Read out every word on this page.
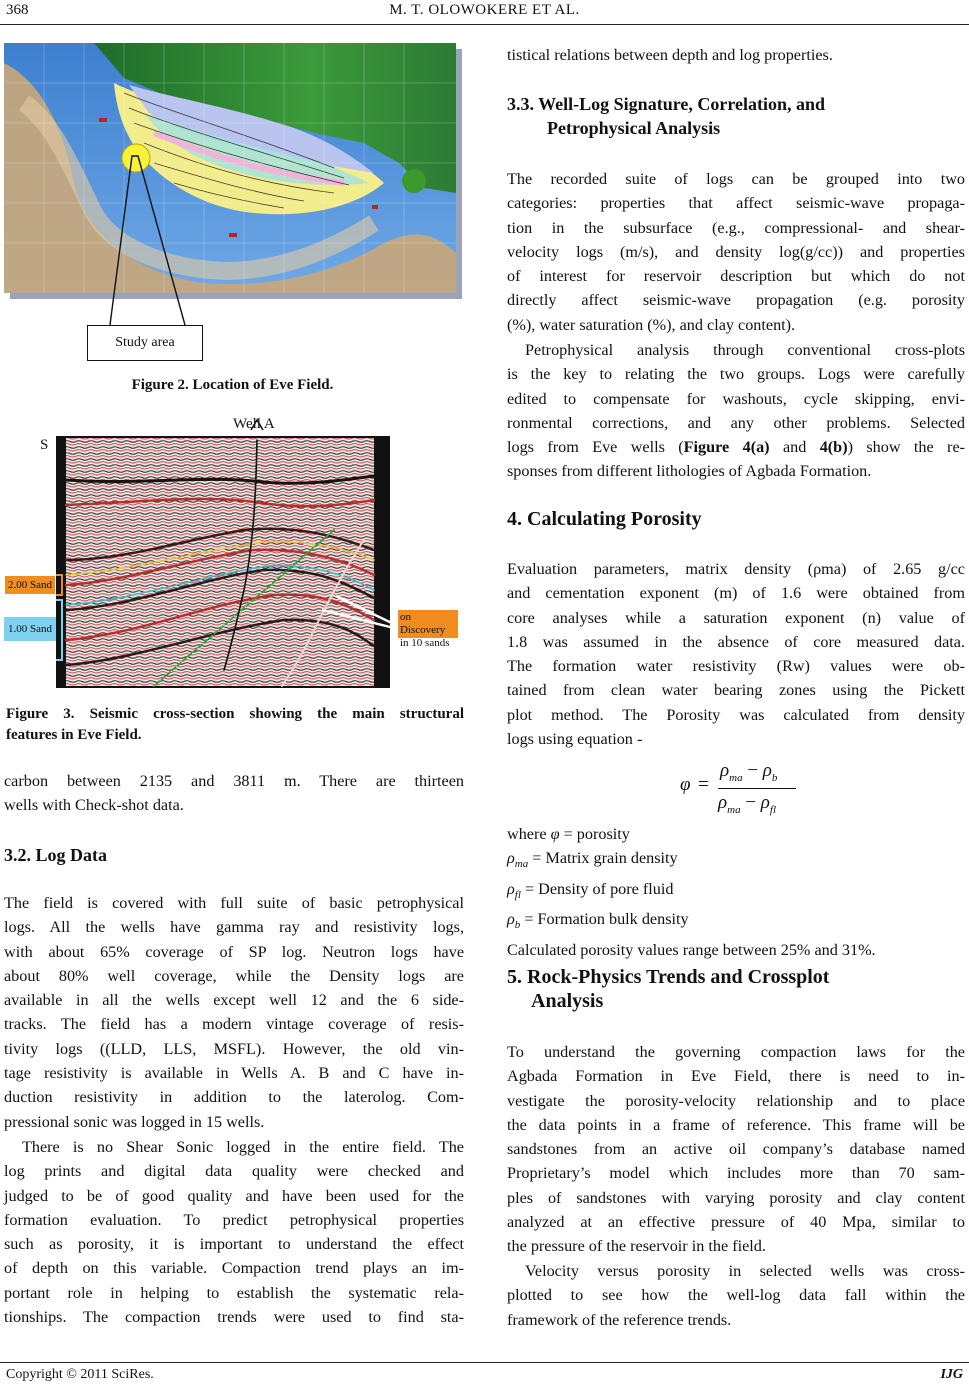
368	M. T. OLOWOKERE ET AL.
Study area
Figure 2. Location of Eve Field.
Well A
S
2.00 Sand
1.00 Sand
on Discovery
in 10 sands
Figure 3. Seismic cross-section showing the main structural
features in Eve Field.
carbon between 2135 and 3811 m. There are thirteen
wells with Check-shot data.
3.2. Log Data
The field is covered with full suite of basic petrophysical
logs. All the wells have gamma ray and resistivity logs,
with about 65% coverage of SP log. Neutron logs have
about 80% well coverage, while the Density logs are
available in all the wells except well 12 and the 6 side-
tracks. The field has a modern vintage coverage of resis-
tivity logs ((LLD, LLS, MSFL). However, the old vin-
tage resistivity is available in Wells A. B and C have in-
duction resistivity in addition to the laterolog. Com-
pressional sonic was logged in 15 wells.
There is no Shear Sonic logged in the entire field. The
log prints and digital data quality were checked and
judged to be of good quality and have been used for the
formation evaluation. To predict petrophysical properties
such as porosity, it is important to understand the effect
of depth on this variable. Compaction trend plays an im-
portant role in helping to establish the systematic rela-
tionships. The compaction trends were used to find sta-
tistical relations between depth and log properties.
3.3. Well-Log Signature, Correlation, and
Petrophysical Analysis
The recorded suite of logs can be grouped into two
categories: properties that affect seismic-wave propaga-
tion in the subsurface (e.g., compressional- and shear-
velocity logs (m/s), and density log(g/cc)) and properties
of interest for reservoir description but which do not
directly affect seismic-wave propagation (e.g. porosity
(%), water saturation (%), and clay content).
Petrophysical analysis through conventional cross-plots
is the key to relating the two groups. Logs were carefully
edited to compensate for washouts, cycle skipping, envi-
ronmental corrections, and any other problems. Selected
logs from Eve wells (Figure 4(a) and 4(b)) show the re-
sponses from different lithologies of Agbada Formation.
4. Calculating Porosity
Evaluation parameters, matrix density (ρma) of 2.65 g/cc
and cementation exponent (m) of 1.6 were obtained from
core analyses while a saturation exponent (n) value of
1.8 was assumed in the absence of core measured data.
The formation water resistivity (Rw) values were ob-
tained from clean water bearing zones using the Pickett
plot method. The Porosity was calculated from density
logs using equation -
φ =
$\rho_{ma} - \rho_b$
$\rho_{ma} - \rho_{fl}$
where φ = porosity
$\rho_{ma}$ = Matrix grain density
$\rho_{fl}$ = Density of pore fluid
$\rho_b$ = Formation bulk density
Calculated porosity values range between 25% and 31%.
5. Rock-Physics Trends and Crossplot
Analysis
To understand the governing compaction laws for the
Agbada Formation in Eve Field, there is need to in-
vestigate the porosity-velocity relationship and to place
the data points in a frame of reference. This frame will be
sandstones from an active oil company’s database named
Proprietary’s model which includes more than 70 sam-
ples of sandstones with varying porosity and clay content
analyzed at an effective pressure of 40 Mpa, similar to
the pressure of the reservoir in the field.
Velocity versus porosity in selected wells was cross-
plotted to see how the well-log data fall within the
framework of the reference trends.
Copyright © 2011 SciRes.	IJG
